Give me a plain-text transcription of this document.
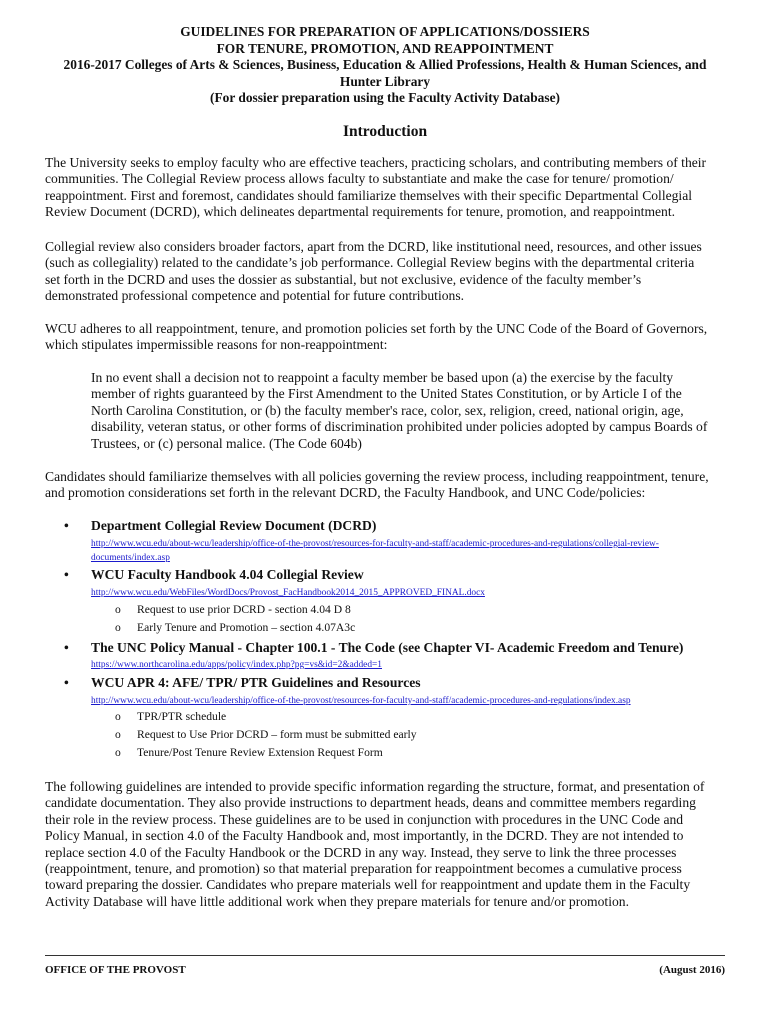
GUIDELINES FOR PREPARATION OF APPLICATIONS/DOSSIERS
FOR TENURE, PROMOTION, AND REAPPOINTMENT
2016-2017 Colleges of Arts & Sciences, Business, Education & Allied Professions, Health & Human Sciences, and
Hunter Library
(For dossier preparation using the Faculty Activity Database)
Introduction
The University seeks to employ faculty who are effective teachers, practicing scholars, and contributing members of their
communities. The Collegial Review process allows faculty to substantiate and make the case for tenure/ promotion/
reappointment. First and foremost, candidates should familiarize themselves with their specific Departmental Collegial
Review Document (DCRD), which delineates departmental requirements for tenure, promotion, and reappointment.
Collegial review also considers broader factors, apart from the DCRD, like institutional need, resources, and other issues
(such as collegiality) related to the candidate’s job performance. Collegial Review begins with the departmental criteria
set forth in the DCRD and uses the dossier as substantial, but not exclusive, evidence of the faculty member’s
demonstrated professional competence and potential for future contributions.
WCU adheres to all reappointment, tenure, and promotion policies set forth by the UNC Code of the Board of Governors,
which stipulates impermissible reasons for non-reappointment:
In no event shall a decision not to reappoint a faculty member be based upon (a) the exercise by the faculty
member of rights guaranteed by the First Amendment to the United States Constitution, or by Article I of the
North Carolina Constitution, or (b) the faculty member's race, color, sex, religion, creed, national origin, age,
disability, veteran status, or other forms of discrimination prohibited under policies adopted by campus Boards of
Trustees, or (c) personal malice. (The Code 604b)
Candidates should familiarize themselves with all policies governing the review process, including reappointment, tenure,
and promotion considerations set forth in the relevant DCRD, the Faculty Handbook, and UNC Code/policies:
• Department Collegial Review Document (DCRD)
http://www.wcu.edu/about-wcu/leadership/office-of-the-provost/resources-for-faculty-and-staff/academic-procedures-and-regulations/collegial-review-
documents/index.asp
• WCU Faculty Handbook 4.04 Collegial Review
http://www.wcu.edu/WebFiles/WordDocs/Provost_FacHandbook2014_2015_APPROVED_FINAL.docx
o Request to use prior DCRD - section 4.04 D 8
o Early Tenure and Promotion – section 4.07A3c
• The UNC Policy Manual - Chapter 100.1 - The Code (see Chapter VI- Academic Freedom and Tenure)
https://www.northcarolina.edu/apps/policy/index.php?pg=vs&id=2&added=1
• WCU APR 4: AFE/ TPR/ PTR Guidelines and Resources
http://www.wcu.edu/about-wcu/leadership/office-of-the-provost/resources-for-faculty-and-staff/academic-procedures-and-regulations/index.asp
o TPR/PTR schedule
o Request to Use Prior DCRD – form must be submitted early
o Tenure/Post Tenure Review Extension Request Form
The following guidelines are intended to provide specific information regarding the structure, format, and presentation of
candidate documentation. They also provide instructions to department heads, deans and committee members regarding
their role in the review process. These guidelines are to be used in conjunction with procedures in the UNC Code and
Policy Manual, in section 4.0 of the Faculty Handbook and, most importantly, in the DCRD. They are not intended to
replace section 4.0 of the Faculty Handbook or the DCRD in any way. Instead, they serve to link the three processes
(reappointment, tenure, and promotion) so that material preparation for reappointment becomes a cumulative process
toward preparing the dossier. Candidates who prepare materials well for reappointment and update them in the Faculty
Activity Database will have little additional work when they prepare materials for tenure and/or promotion.
OFFICE OF THE PROVOST	(August 2016)
